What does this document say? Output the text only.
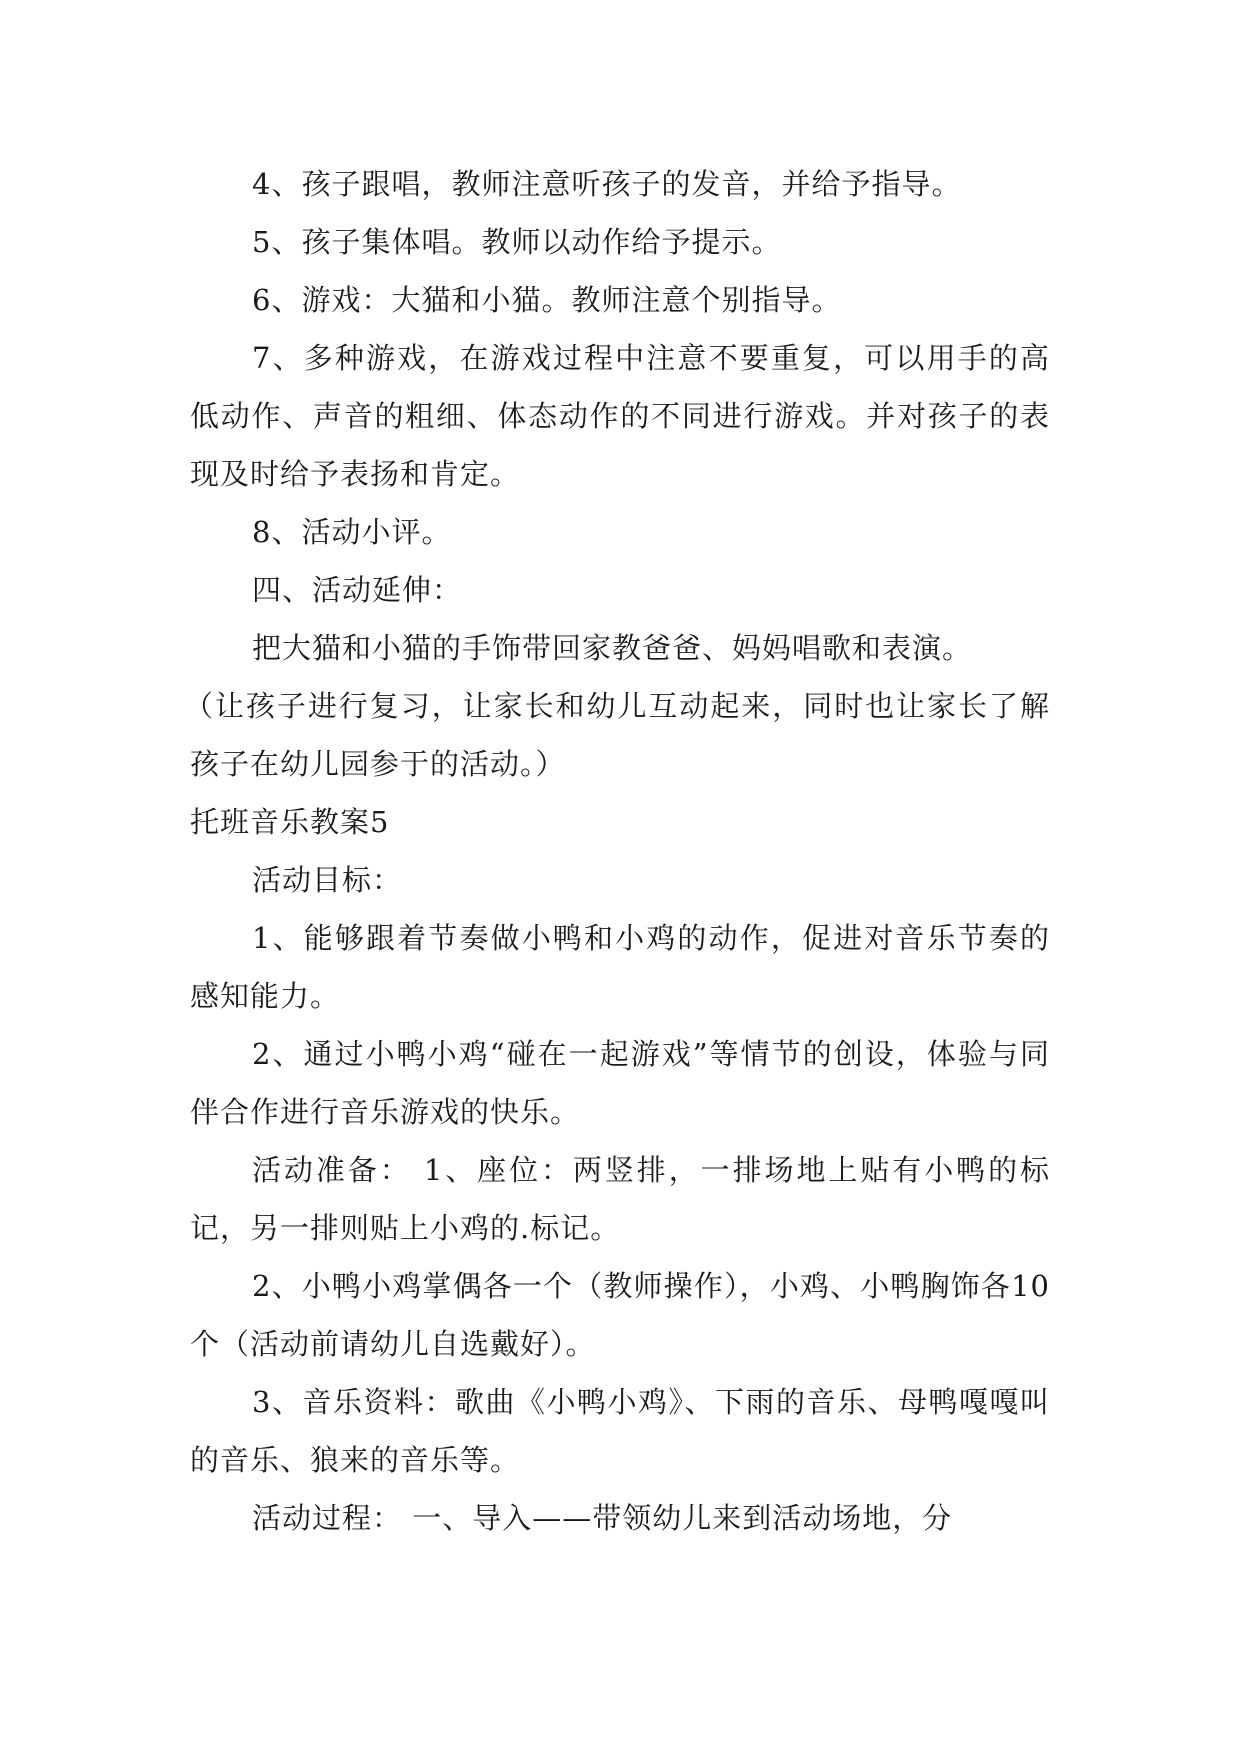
4、孩子跟唱，教师注意听孩子的发音，并给予指导。

5、孩子集体唱。教师以动作给予提示。

6、游戏：大猫和小猫。教师注意个别指导。

7、多种游戏，在游戏过程中注意不要重复，可以用手的高低动作、声音的粗细、体态动作的不同进行游戏。并对孩子的表现及时给予表扬和肯定。

8、活动小评。

四、活动延伸：

把大猫和小猫的手饰带回家教爸爸、妈妈唱歌和表演。

（让孩子进行复习，让家长和幼儿互动起来，同时也让家长了解孩子在幼儿园参于的活动。）

托班音乐教案5

活动目标：

1、能够跟着节奏做小鸭和小鸡的动作，促进对音乐节奏的感知能力。

2、通过小鸭小鸡“碰在一起游戏”等情节的创设，体验与同伴合作进行音乐游戏的快乐。

活动准备： 1、座位：两竖排，一排场地上贴有小鸭的标记，另一排则贴上小鸡的.标记。

2、小鸭小鸡掌偶各一个（教师操作），小鸡、小鸭胸饰各10个（活动前请幼儿自选戴好）。

3、音乐资料：歌曲《小鸭小鸡》、下雨的音乐、母鸭嘎嘎叫的音乐、狼来的音乐等。

活动过程： 一、导入——带领幼儿来到活动场地，分
